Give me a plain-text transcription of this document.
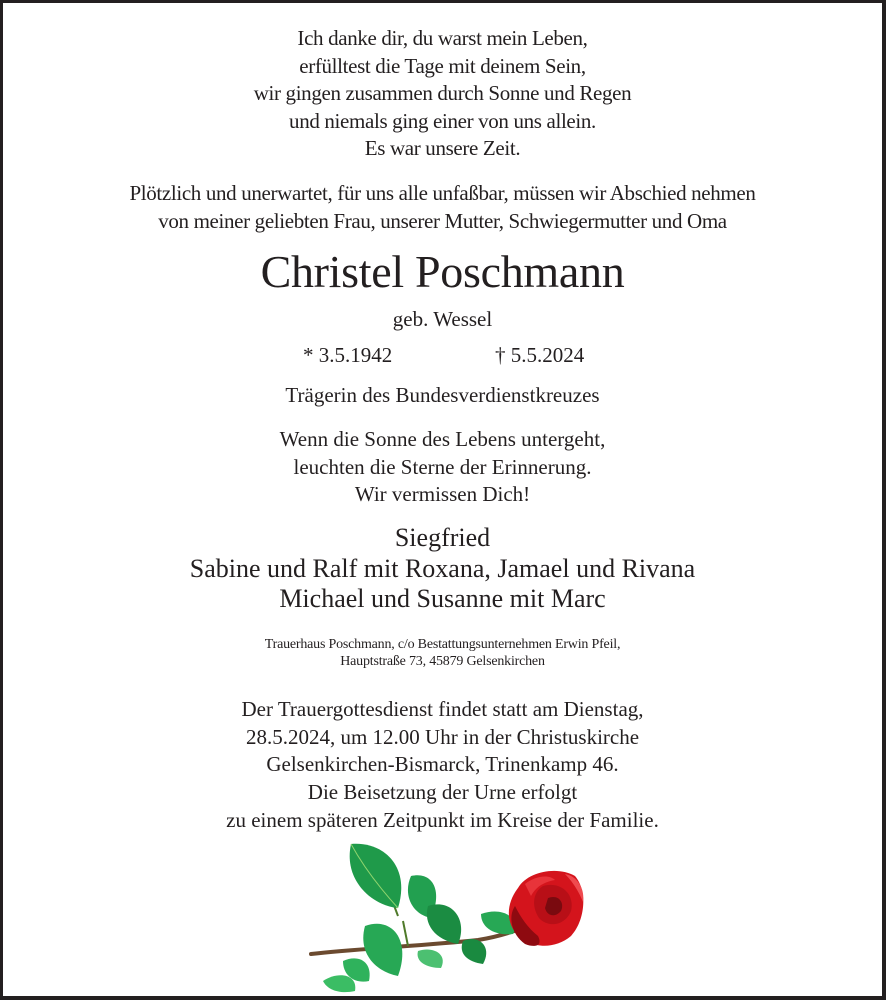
Ich danke dir, du warst mein Leben,
erfülltest die Tage mit deinem Sein,
wir gingen zusammen durch Sonne und Regen
und niemals ging einer von uns allein.
Es war unsere Zeit.
Plötzlich und unerwartet, für uns alle unfaßbar, müssen wir Abschied nehmen
von meiner geliebten Frau, unserer Mutter, Schwiegermutter und Oma
Christel Poschmann
geb. Wessel
* 3.5.1942	† 5.5.2024
Trägerin des Bundesverdienstkreuzes
Wenn die Sonne des Lebens untergeht,
leuchten die Sterne der Erinnerung.
Wir vermissen Dich!
Siegfried
Sabine und Ralf mit Roxana, Jamael und Rivana
Michael und Susanne mit Marc
Trauerhaus Poschmann, c/o Bestattungsunternehmen Erwin Pfeil,
Hauptstraße 73, 45879 Gelsenkirchen
Der Trauergottesdienst findet statt am Dienstag,
28.5.2024, um 12.00 Uhr in der Christuskirche
Gelsenkirchen-Bismarck, Trinenkamp 46.
Die Beisetzung der Urne erfolgt
zu einem späteren Zeitpunkt im Kreise der Familie.
